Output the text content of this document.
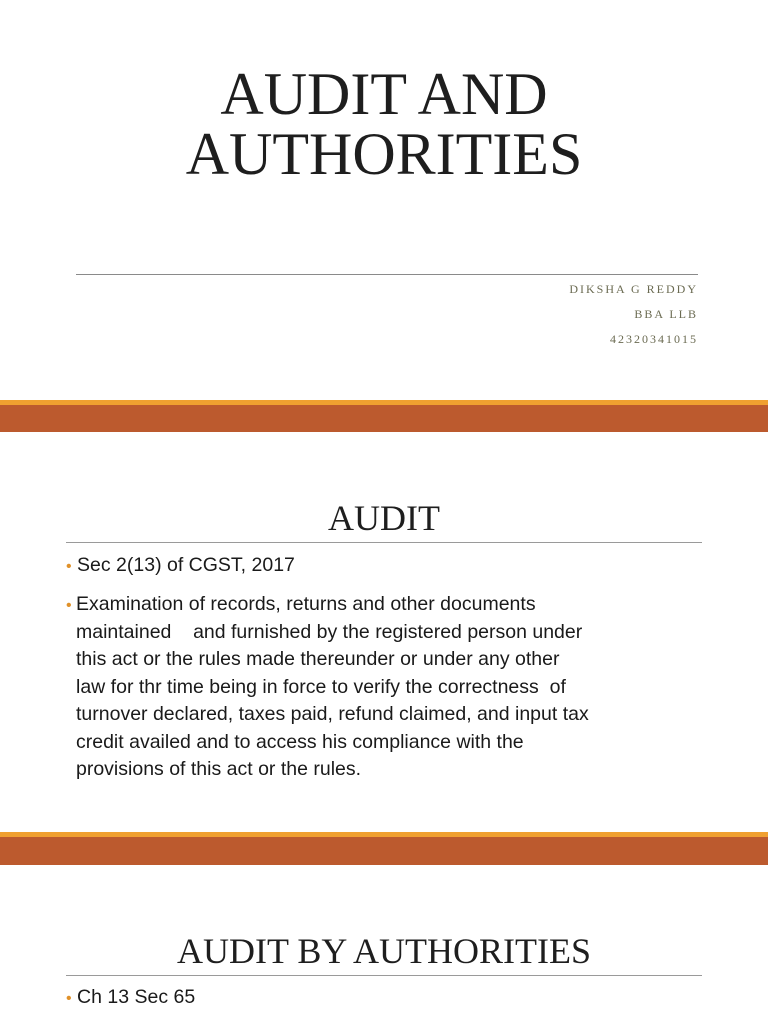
AUDIT AND
AUTHORITIES
DIKSHA G REDDY
BBA LLB
42320341015
AUDIT
• Sec 2(13) of CGST, 2017
• Examination of records, returns and other documents
maintained    and furnished by the registered person under
this act or the rules made thereunder or under any other
law for thr time being in force to verify the correctness  of
turnover declared, taxes paid, refund claimed, and input tax
credit availed and to access his compliance with the
provisions of this act or the rules.
AUDIT BY AUTHORITIES
• Ch 13 Sec 65
